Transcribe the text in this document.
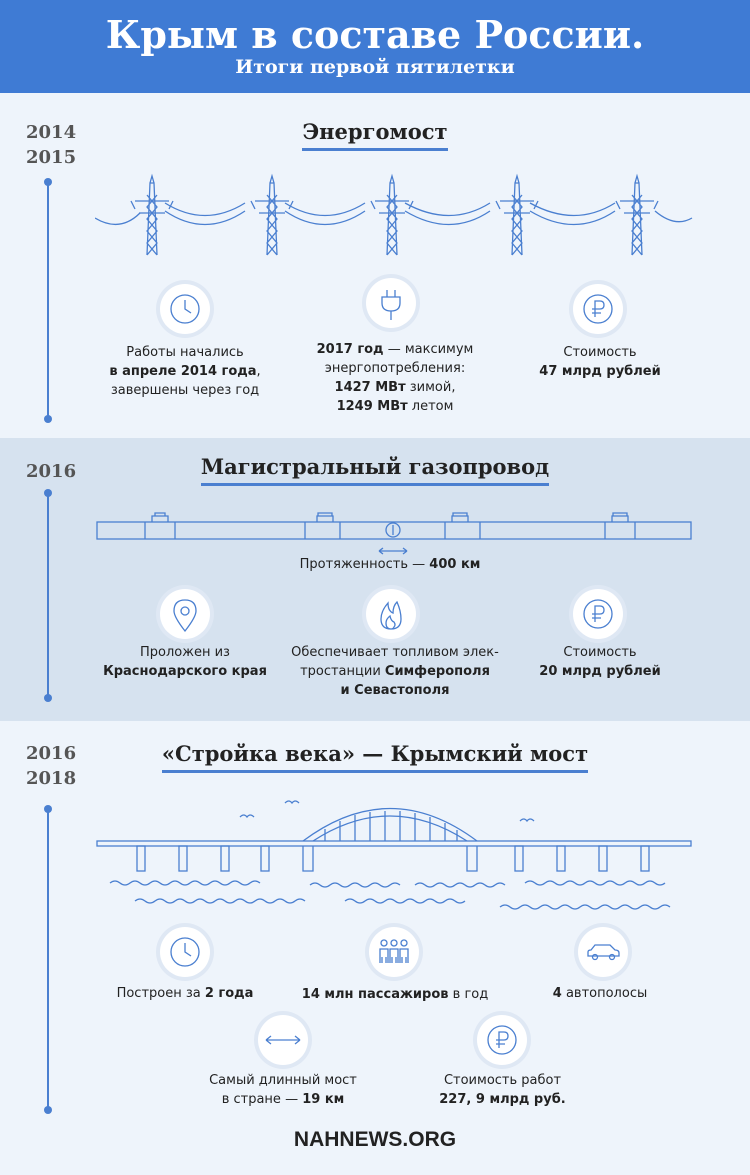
Крым в составе России.
Итоги первой пятилетки
2014
2015
Энергомост
Работы начались
в апреле 2014 года,
завершены через год
2017 год — максимум
энергопотребления:
1427 МВт зимой,
1249 МВт летом
Стоимость
47 млрд рублей
2016	Магистральный газопровод
Протяженность — 400 км
Проложен из
Краснодарского края
Обеспечивает топливом элек-
тростанции Симферополя
и Севастополя
Стоимость
20 млрд рублей
2016
2018
«Стройка века» — Крымский мост
Построен за 2 года	14 млн пассажиров в год	4 автополосы
Самый длинный мост
в стране — 19 км
Стоимость работ
227, 9 млрд руб.
NAHNEWS.ORG
